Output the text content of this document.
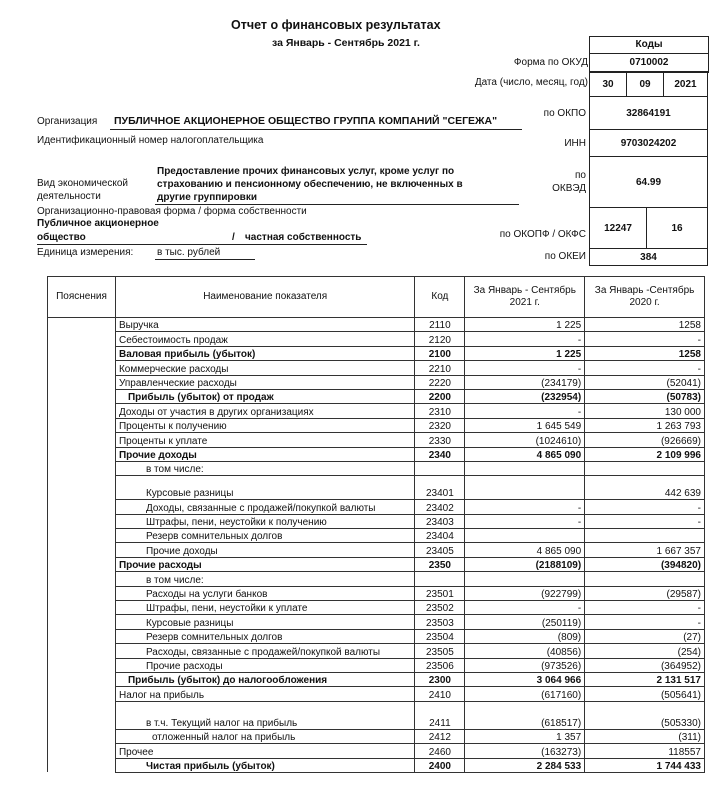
Отчет о финансовых результатах
за Январь - Сентябрь 2021 г.	Коды
0710002
Форма по ОКУД
Дата (число, месяц, год)	30	09	2021
по ОКПО	32864191
ИНН	9703024202
по
ОКВЭД
64.99
по ОКОПФ / ОКФС
12247	16
по ОКЕИ	384
Организация ПУБЛИЧНОЕ АКЦИОНЕРНОЕ ОБЩЕСТВО ГРУППА КОМПАНИЙ "СЕГЕЖА"
Идентификационный номер налогоплательщика
Вид экономической
деятельности
Предоставление прочих финансовых услуг, кроме услуг по
страхованию и пенсионному обеспечению, не включенных в
другие группировки
Организационно-правовая форма / форма собственности
Публичное акционерное
общество	/ частная собственность
Единица измерения: в тыс. рублей
Пояснения	Наименование показателя	Код	За Январь - Сентябрь
2021 г.	За Январь -Сентябрь
2020 г.
	Выручка	2110	1 225	1258
	Себестоимость продаж	2120	-	-
	Валовая прибыль (убыток)	2100	1 225	1258
	Коммерческие расходы	2210	-	-
	Управленческие расходы	2220	(234179)	(52041)
	Прибыль (убыток) от продаж	2200	(232954)	(50783)
	Доходы от участия в других организациях	2310	-	130 000
	Проценты к получению	2320	1 645 549	1 263 793
	Проценты к уплате	2330	(1024610)	(926669)
	Прочие доходы	2340	4 865 090	2 109 996
	в том числе:			
	Курсовые разницы	23401		442 639
	Доходы, связанные с продажей/покупкой валюты	23402	-	-
	Штрафы, пени, неустойки к получению	23403	-	-
	Резерв сомнительных долгов	23404		
	Прочие доходы	23405	4 865 090	1 667 357
	Прочие расходы	2350	(2188109)	(394820)
	в том числе:			
	Расходы на услуги банков	23501	(922799)	(29587)
	Штрафы, пени, неустойки к уплате	23502	-	-
	Курсовые разницы	23503	(250119)	-
	Резерв сомнительных долгов	23504	(809)	(27)
	Расходы, связанные с продажей/покупкой валюты	23505	(40856)	(254)
	Прочие расходы	23506	(973526)	(364952)
	Прибыль (убыток) до налогообложения	2300	3 064 966	2 131 517
	Налог на прибыль	2410	(617160)	(505641)
	в т.ч. Текущий налог на прибыль	2411	(618517)	(505330)
	отложенный налог на прибыль	2412	1 357	(311)
	Прочее	2460	(163273)	118557
	Чистая прибыль (убыток)	2400	2 284 533	1 744 433
